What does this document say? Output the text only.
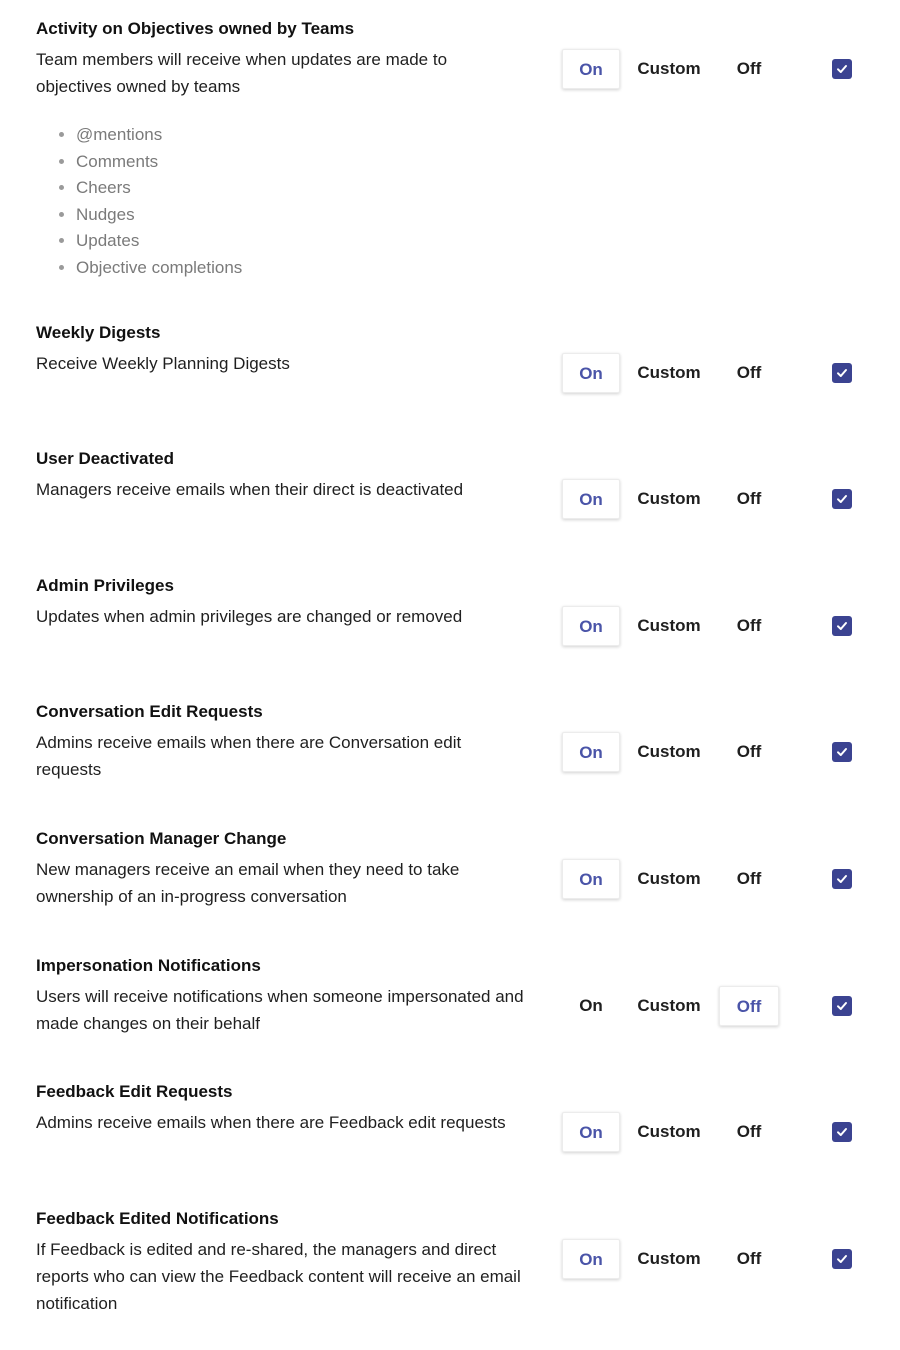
Activity on Objectives owned by Teams
Team members will receive when updates are made to objectives owned by teams
• @mentions
• Comments
• Cheers
• Nudges
• Updates
• Objective completions
On	Custom	Off
Weekly Digests
Receive Weekly Planning Digests
On	Custom	Off
User Deactivated
Managers receive emails when their direct is deactivated
On	Custom	Off
Admin Privileges
Updates when admin privileges are changed or removed
On	Custom	Off
Conversation Edit Requests
Admins receive emails when there are Conversation edit requests
On	Custom	Off
Conversation Manager Change
New managers receive an email when they need to take ownership of an in-progress conversation
On	Custom	Off
Impersonation Notifications
Users will receive notifications when someone impersonated and made changes on their behalf
On	Custom	Off
Feedback Edit Requests
Admins receive emails when there are Feedback edit requests
On	Custom	Off
Feedback Edited Notifications
If Feedback is edited and re-shared, the managers and direct reports who can view the Feedback content will receive an email notification
On	Custom	Off
